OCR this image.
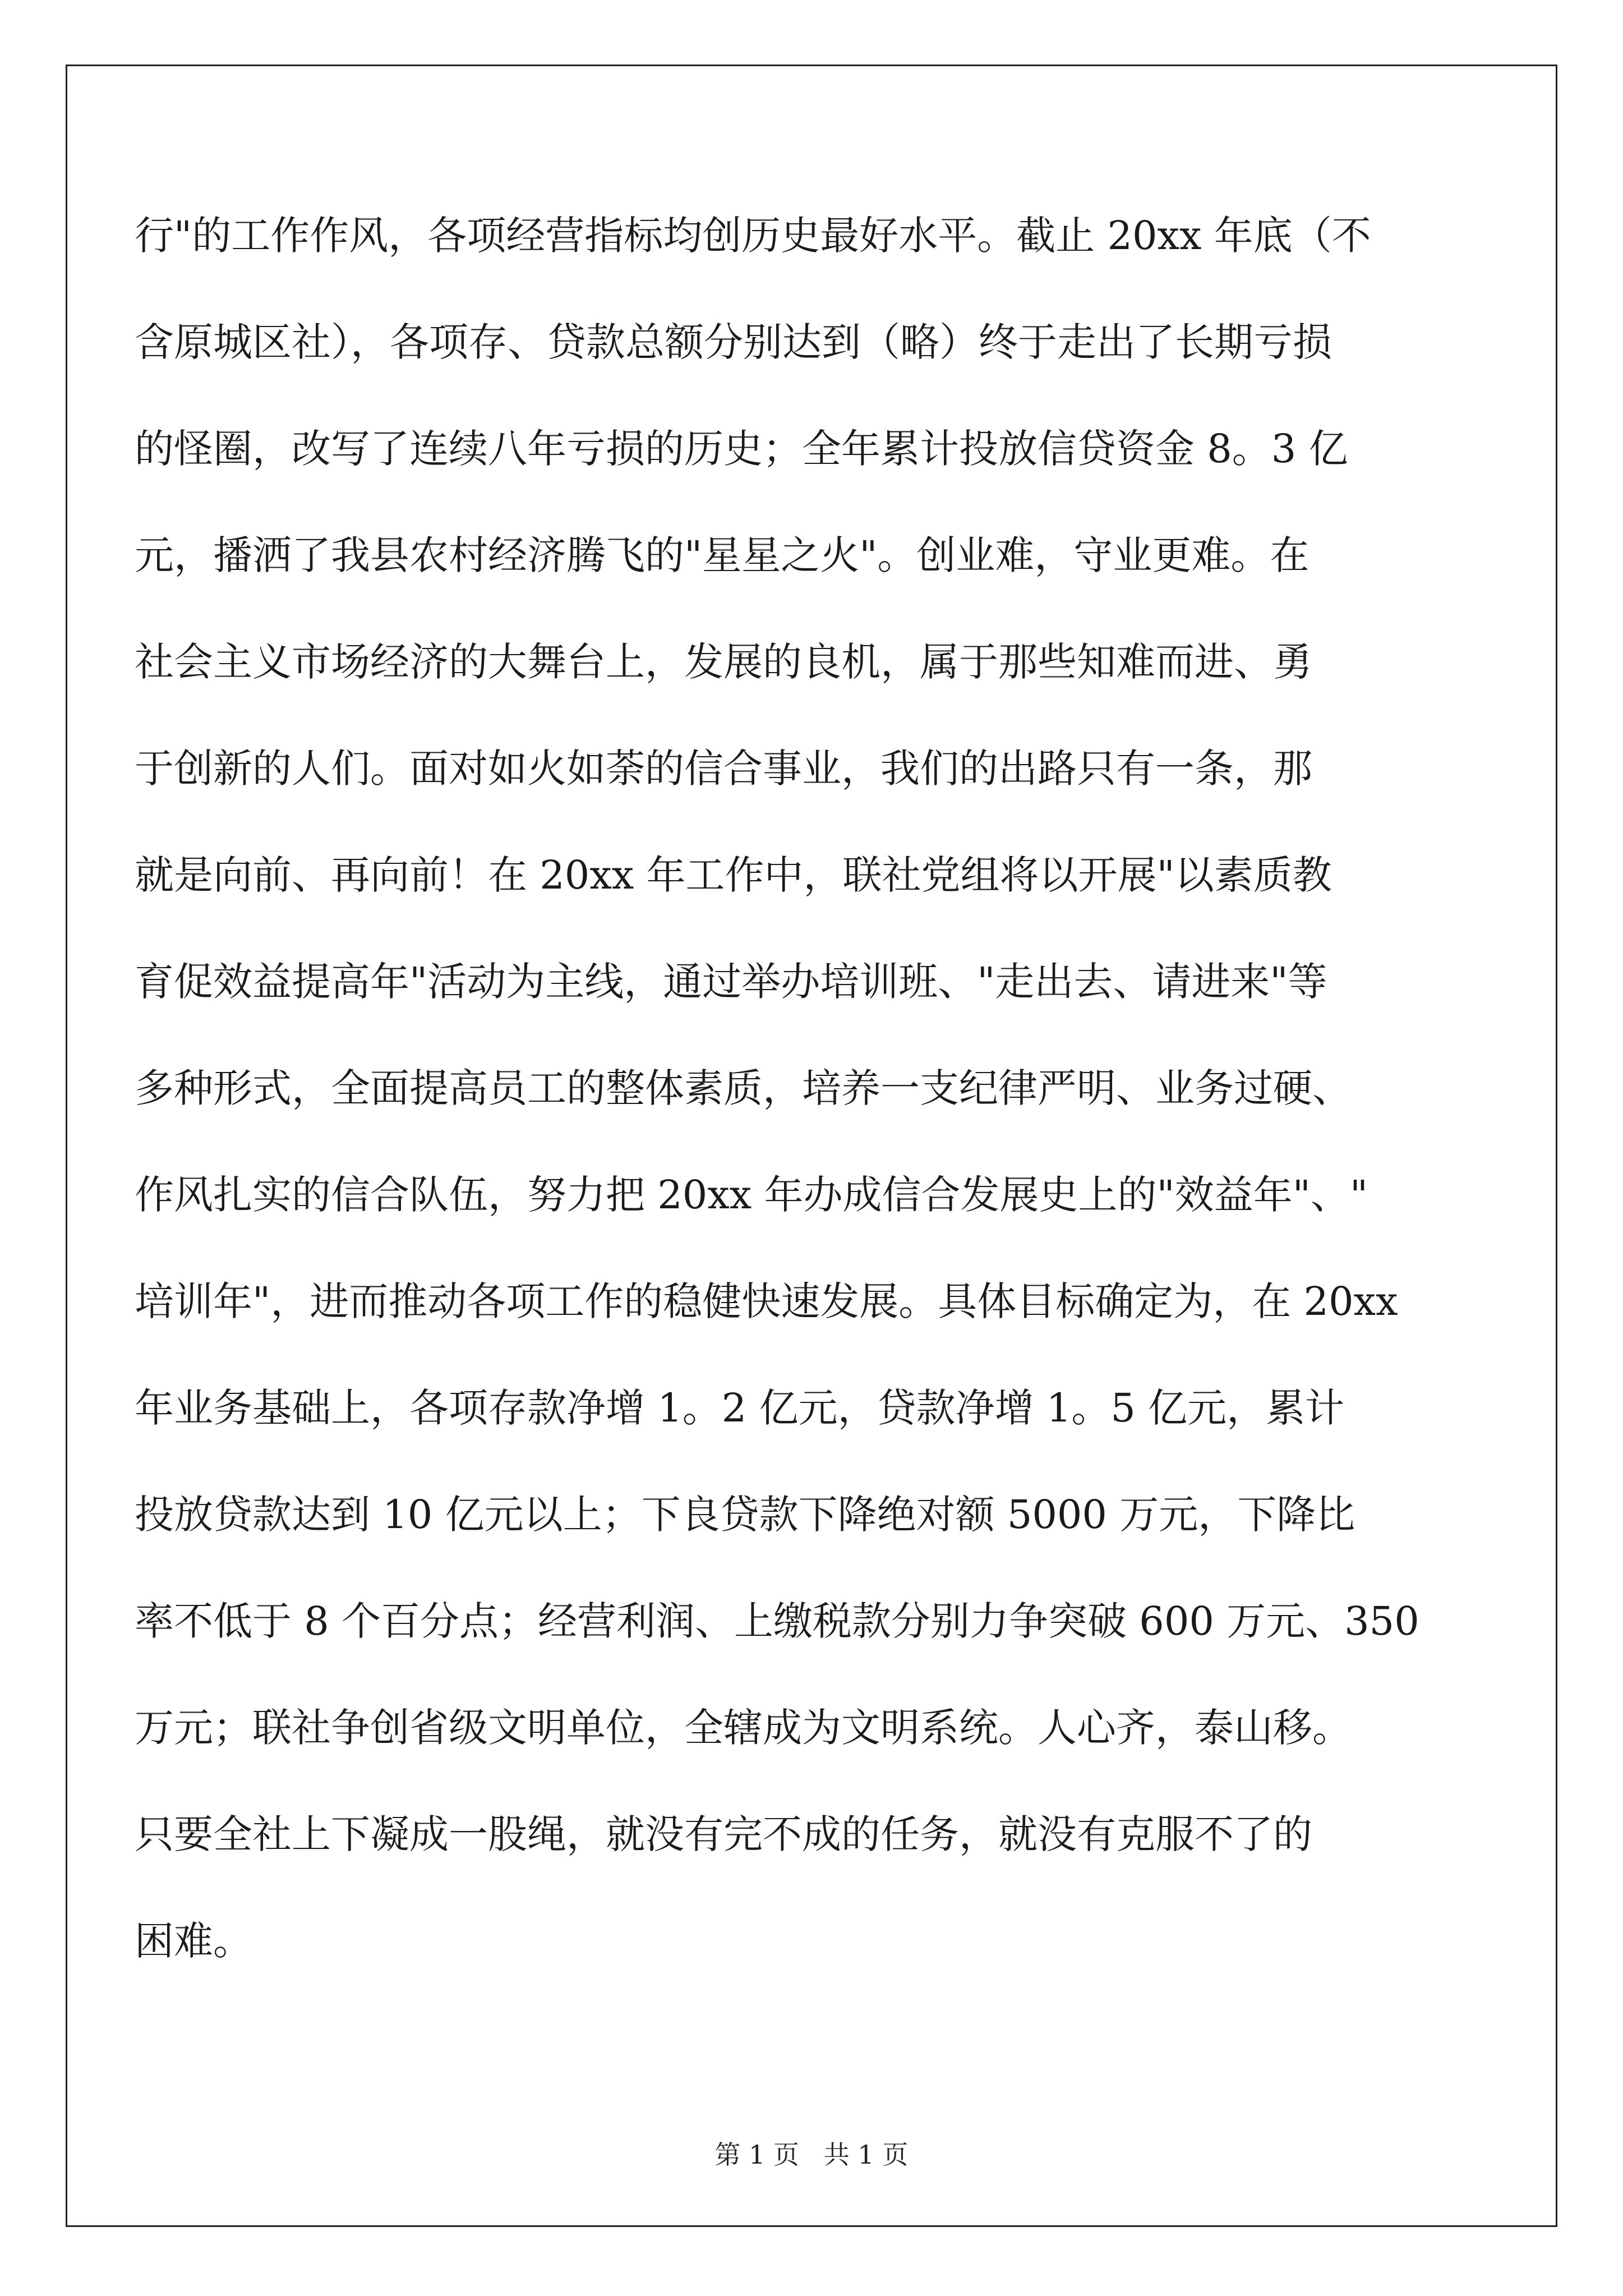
行"的工作作风，各项经营指标均创历史最好水平。截止 20xx 年底（不
含原城区社），各项存、贷款总额分别达到（略）终于走出了长期亏损
的怪圈，改写了连续八年亏损的历史；全年累计投放信贷资金 8。3 亿
元，播洒了我县农村经济腾飞的"星星之火"。创业难，守业更难。在
社会主义市场经济的大舞台上，发展的良机，属于那些知难而进、勇
于创新的人们。面对如火如荼的信合事业，我们的出路只有一条，那
就是向前、再向前！在 20xx 年工作中，联社党组将以开展"以素质教
育促效益提高年"活动为主线，通过举办培训班、"走出去、请进来"等
多种形式，全面提高员工的整体素质，培养一支纪律严明、业务过硬、
作风扎实的信合队伍，努力把 20xx 年办成信合发展史上的"效益年"、"
培训年"，进而推动各项工作的稳健快速发展。具体目标确定为，在 20xx
年业务基础上，各项存款净增 1。2 亿元，贷款净增 1。5 亿元，累计
投放贷款达到 10 亿元以上；下良贷款下降绝对额 5000 万元，下降比
率不低于 8 个百分点；经营利润、上缴税款分别力争突破 600 万元、350
万元；联社争创省级文明单位，全辖成为文明系统。人心齐，泰山移。
只要全社上下凝成一股绳，就没有完不成的任务，就没有克服不了的
困难。
第 1 页   共 1 页
